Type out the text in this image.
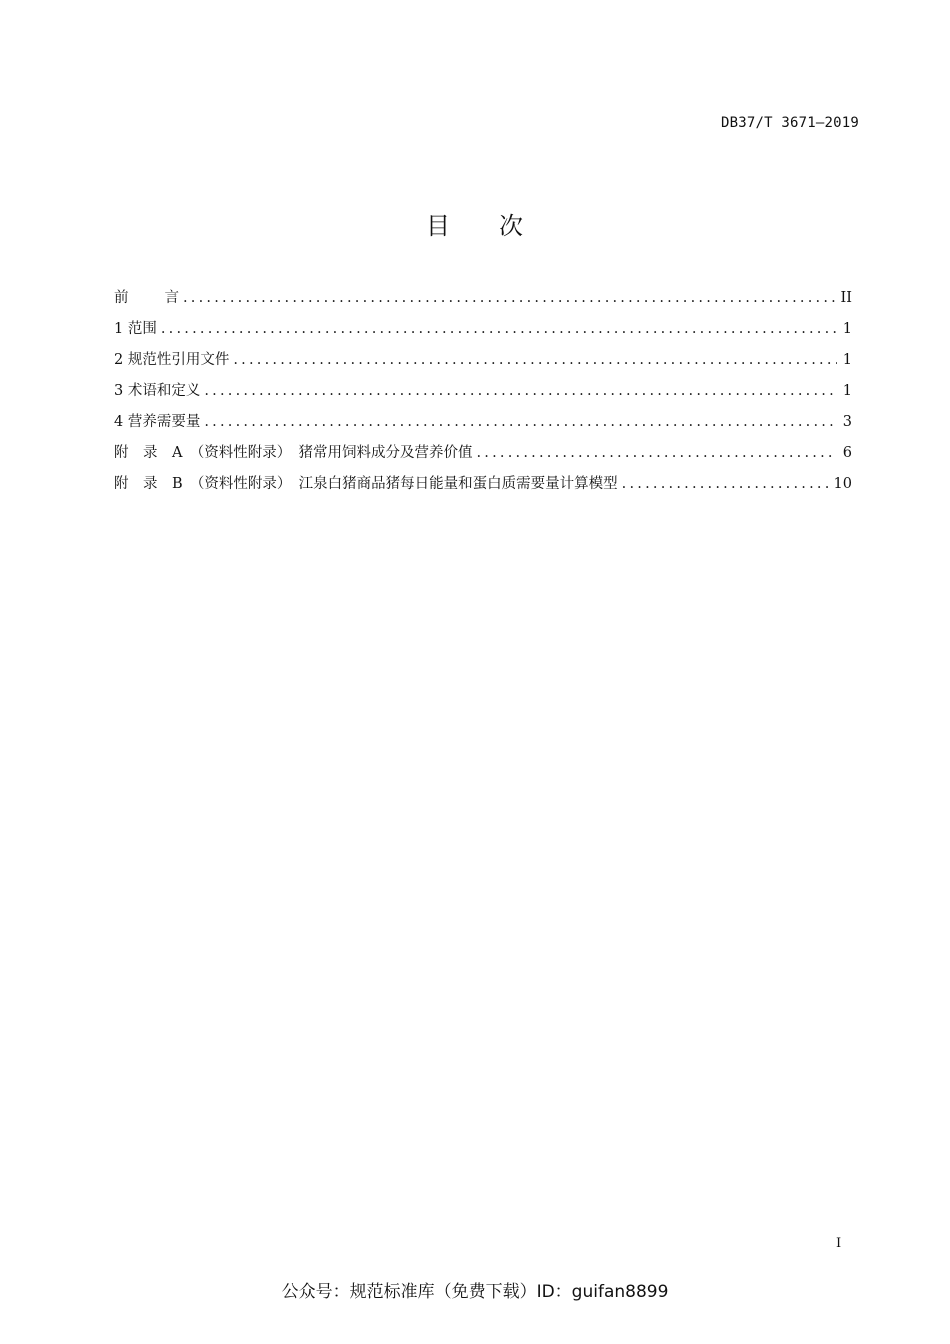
DB37/T 3671—2019
目 次
前 言 .....	II
1 范围 .....	1
2 规范性引用文件 .....	1
3 术语和定义 .....	1
4 营养需要量 .....	3
附　录　A　（资料性附录）　猪常用饲料成分及营养价值 .....	6
附　录　B　（资料性附录）　江泉白猪商品猪每日能量和蛋白质需要量计算模型 .....	10
I
公众号：规范标准库（免费下载）ID：guifan8899
